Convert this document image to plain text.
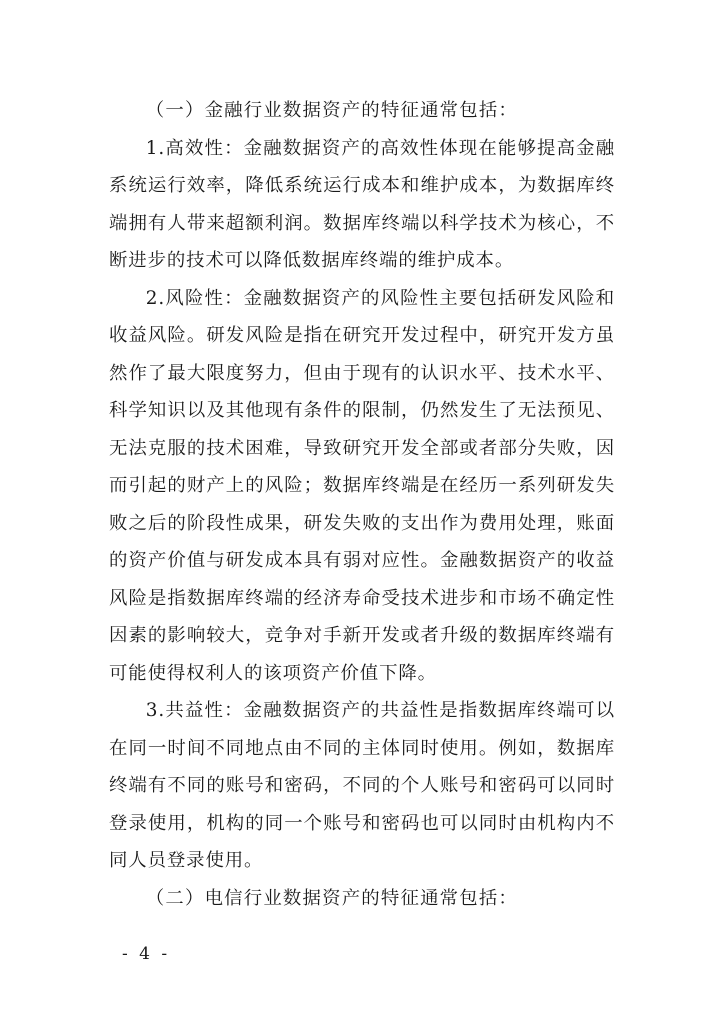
（一）金融行业数据资产的特征通常包括：

1.高效性：金融数据资产的高效性体现在能够提高金融系统运行效率，降低系统运行成本和维护成本，为数据库终端拥有人带来超额利润。数据库终端以科学技术为核心，不断进步的技术可以降低数据库终端的维护成本。

2.风险性：金融数据资产的风险性主要包括研发风险和收益风险。研发风险是指在研究开发过程中，研究开发方虽然作了最大限度努力，但由于现有的认识水平、技术水平、科学知识以及其他现有条件的限制，仍然发生了无法预见、无法克服的技术困难，导致研究开发全部或者部分失败，因而引起的财产上的风险；数据库终端是在经历一系列研发失败之后的阶段性成果，研发失败的支出作为费用处理，账面的资产价值与研发成本具有弱对应性。金融数据资产的收益风险是指数据库终端的经济寿命受技术进步和市场不确定性因素的影响较大，竞争对手新开发或者升级的数据库终端有可能使得权利人的该项资产价值下降。

3.共益性：金融数据资产的共益性是指数据库终端可以在同一时间不同地点由不同的主体同时使用。例如，数据库终端有不同的账号和密码，不同的个人账号和密码可以同时登录使用，机构的同一个账号和密码也可以同时由机构内不同人员登录使用。

（二）电信行业数据资产的特征通常包括：

- 4 -
